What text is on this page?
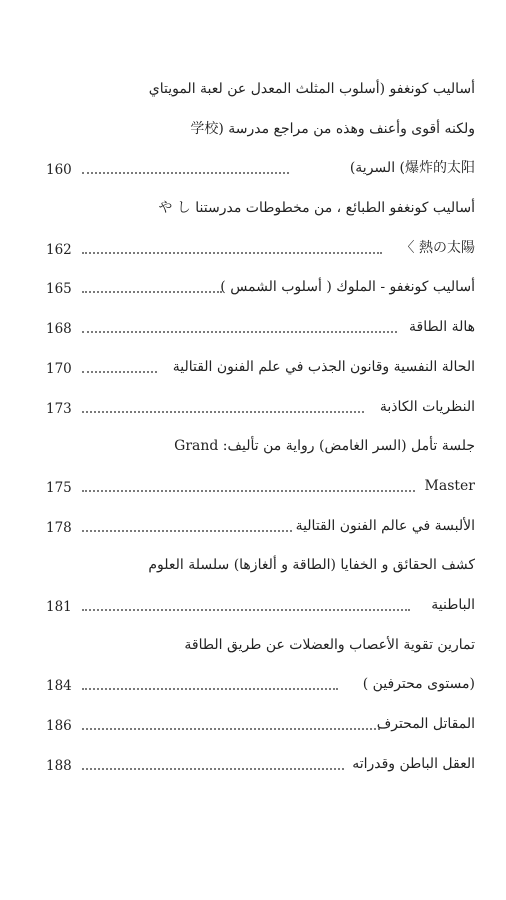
أساليب كونغفو (أسلوب المثلث المعدل عن لعبة المويتاي
ولكنه أقوى وأعنف وهذه من مراجع مدرسة (学校
160	爆炸的太阳) السرية)
أساليب كونغفو الطبائع ، من مخطوطات مدرستنا や し
162	熱の太陽 〉
165	أساليب كونغفو - الملوك ( أسلوب الشمس )
168	هالة الطاقة
170	الحالة النفسية وقانون الجذب في علم الفنون القتالية
173	النظريات الكاذبة
جلسة تأمل (السر الغامض) رواية من تأليف: Grand
175	Master
178	الألبسة في عالم الفنون القتالية
كشف الحقائق و الخفايا (الطاقة و ألغازها) سلسلة العلوم
181	الباطنية
تمارين تقوية الأعصاب والعضلات عن طريق الطاقة
184	(مستوى محترفين )
186	المقاتل المحترف
188	العقل الباطن وقدراته
